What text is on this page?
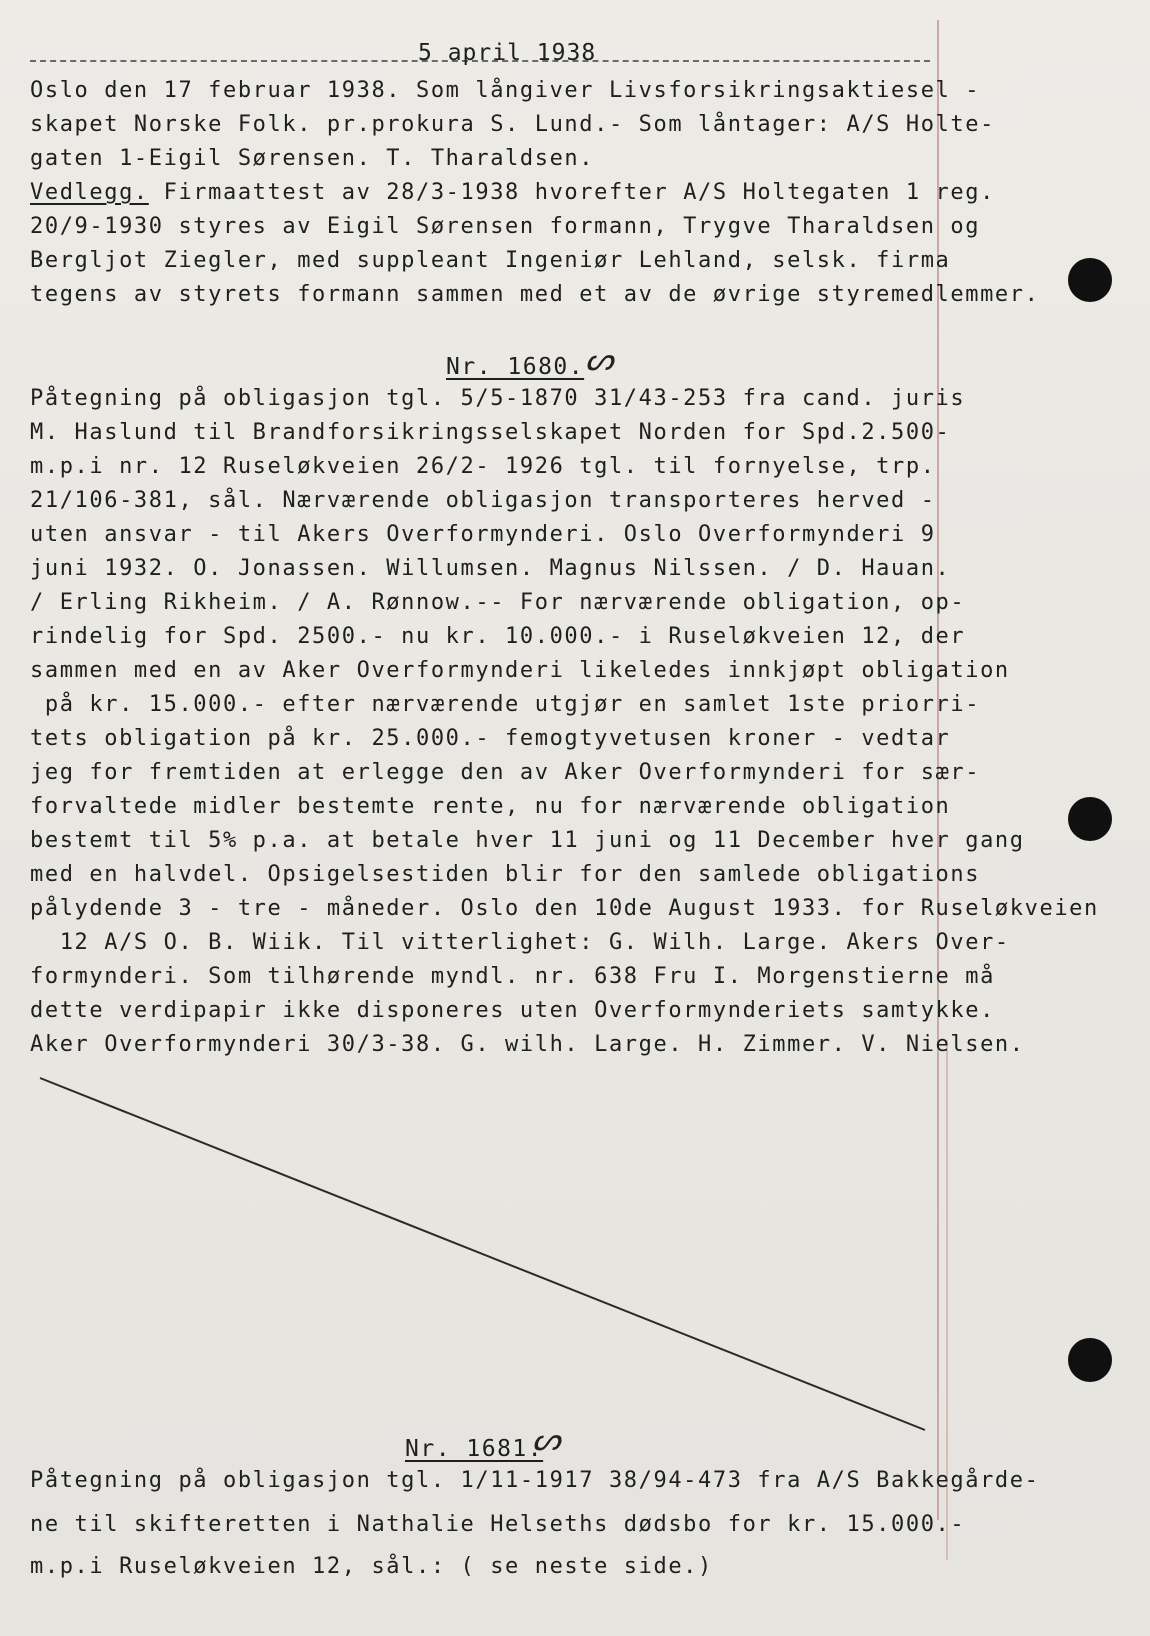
5 april 1938
Oslo den 17 februar 1938. Som långiver Livsforsikringsaktiesel -
skapet Norske Folk. pr.prokura S. Lund.- Som låntager: A/S Holte-
gaten 1-Eigil Sørensen. T. Tharaldsen.
Vedlegg. Firmaattest av 28/3-1938 hvorefter A/S Holtegaten 1 reg.
20/9-1930 styres av Eigil Sørensen formann, Trygve Tharaldsen og
Bergljot Ziegler, med suppleant Ingeniør Lehland, selsk. firma
tegens av styrets formann sammen med et av de øvrige styremedlemmer.
Nr. 1680. ᔕ
Påtegning på obligasjon tgl. 5/5-1870 31/43-253 fra cand. juris
M. Haslund til Brandforsikringsselskapet Norden for Spd.2.500-
m.p.i nr. 12 Ruseløkveien 26/2- 1926 tgl. til fornyelse, trp.
21/106-381, sål. Nærværende obligasjon transporteres herved -
uten ansvar - til Akers Overformynderi. Oslo Overformynderi 9
juni 1932. O. Jonassen. Willumsen. Magnus Nilssen. / D. Hauan.
/ Erling Rikheim. / A. Rønnow.-- For nærværende obligation, op-
rindelig for Spd. 2500.- nu kr. 10.000.- i Ruseløkveien 12, der
sammen med en av Aker Overformynderi likeledes innkjøpt obligation
på kr. 15.000.- efter nærværende utgjør en samlet 1ste priorri-
tets obligation på kr. 25.000.- femogtyvetusen kroner - vedtar
jeg for fremtiden at erlegge den av Aker Overformynderi for sær-
forvaltede midler bestemte rente, nu for nærværende obligation
bestemt til 5% p.a. at betale hver 11 juni og 11 December hver gang
med en halvdel. Opsigelsestiden blir for den samlede obligations
pålydende 3 - tre - måneder. Oslo den 10de August 1933. for Ruseløkveien
12 A/S O. B. Wiik. Til vitterlighet: G. Wilh. Large. Akers Over-
formynderi. Som tilhørende myndl. nr. 638 Fru I. Morgenstierne må
dette verdipapir ikke disponeres uten Overformynderiets samtykke.
Aker Overformynderi 30/3-38. G. wilh. Large. H. Zimmer. V. Nielsen.
Nr. 1681.
ᔕ
Påtegning på obligasjon tgl. 1/11-1917 38/94-473 fra A/S Bakkegårde-
ne til skifteretten i Nathalie Helseths dødsbo for kr. 15.000.-
m.p.i Ruseløkveien 12, sål.: ( se neste side.)
